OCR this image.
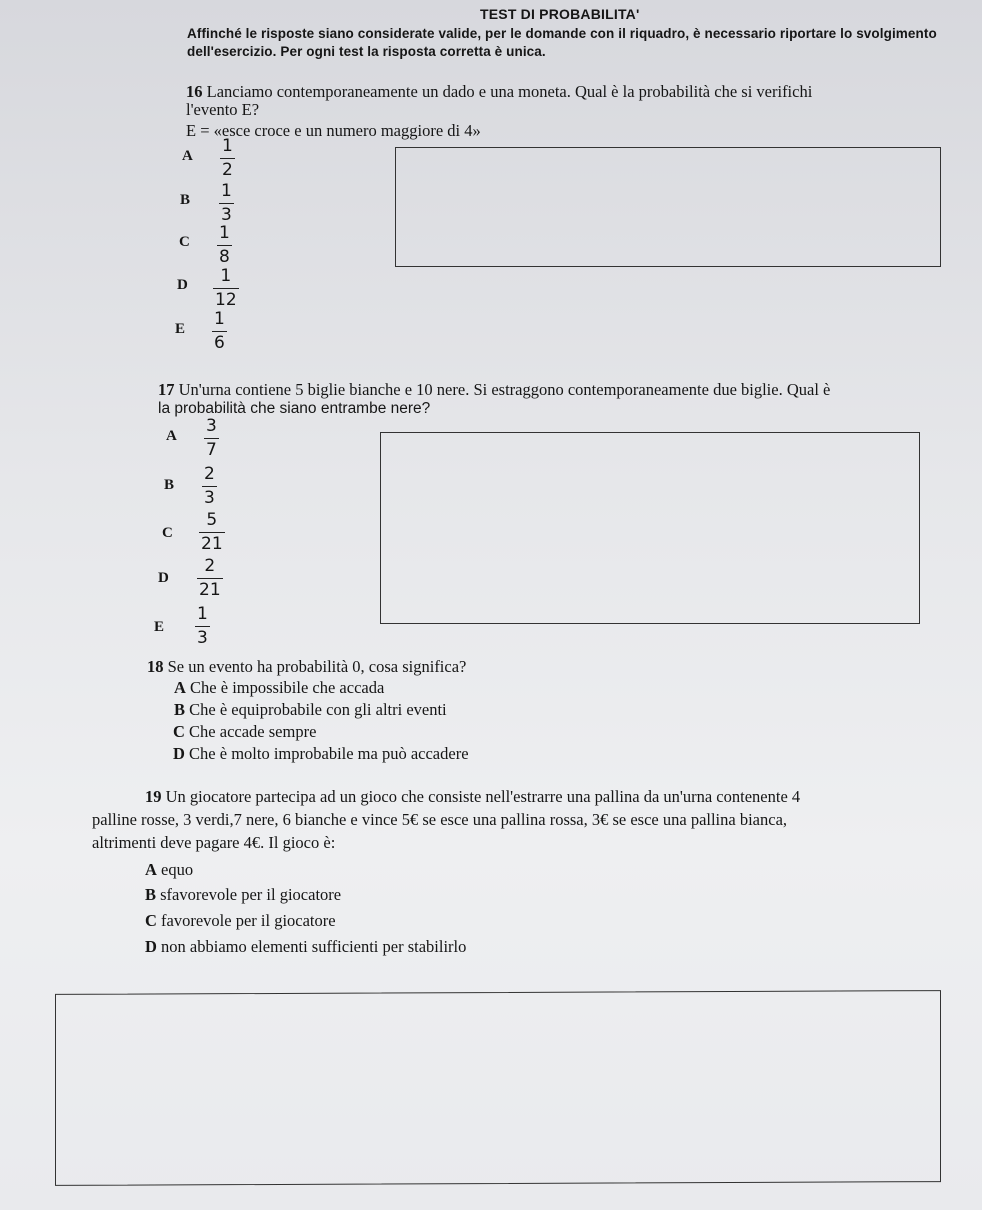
TEST DI PROBABILITA'
Affinché le risposte siano considerate valide, per le domande con il riquadro, è necessario riportare lo svolgimento
dell'esercizio. Per ogni test la risposta corretta è unica.
16 Lanciamo contemporaneamente un dado e una moneta. Qual è la probabilità che si verifichi
l'evento E?
E = «esce croce e un numero maggiore di 4»
A 1
2
B 1
3
C 1
8
D 1
12
E 1
6
17 Un'urna contiene 5 biglie bianche e 10 nere. Si estraggono contemporaneamente due biglie. Qual è
la probabilità che siano entrambe nere?
A 3
7
B
2
3
C
5
21
D
2
21
E
1
3
18 Se un evento ha probabilità 0, cosa significa?
A Che è impossibile che accada
B Che è equiprobabile con gli altri eventi
C Che accade sempre
D Che è molto improbabile ma può accadere
19 Un giocatore partecipa ad un gioco che consiste nell'estrarre una pallina da un'urna contenente 4
palline rosse, 3 verdi,7 nere, 6 bianche e vince 5€ se esce una pallina rossa, 3€ se esce una pallina bianca,
altrimenti deve pagare 4€. Il gioco è:
A equo
B sfavorevole per il giocatore
C favorevole per il giocatore
D non abbiamo elementi sufficienti per stabilirlo
